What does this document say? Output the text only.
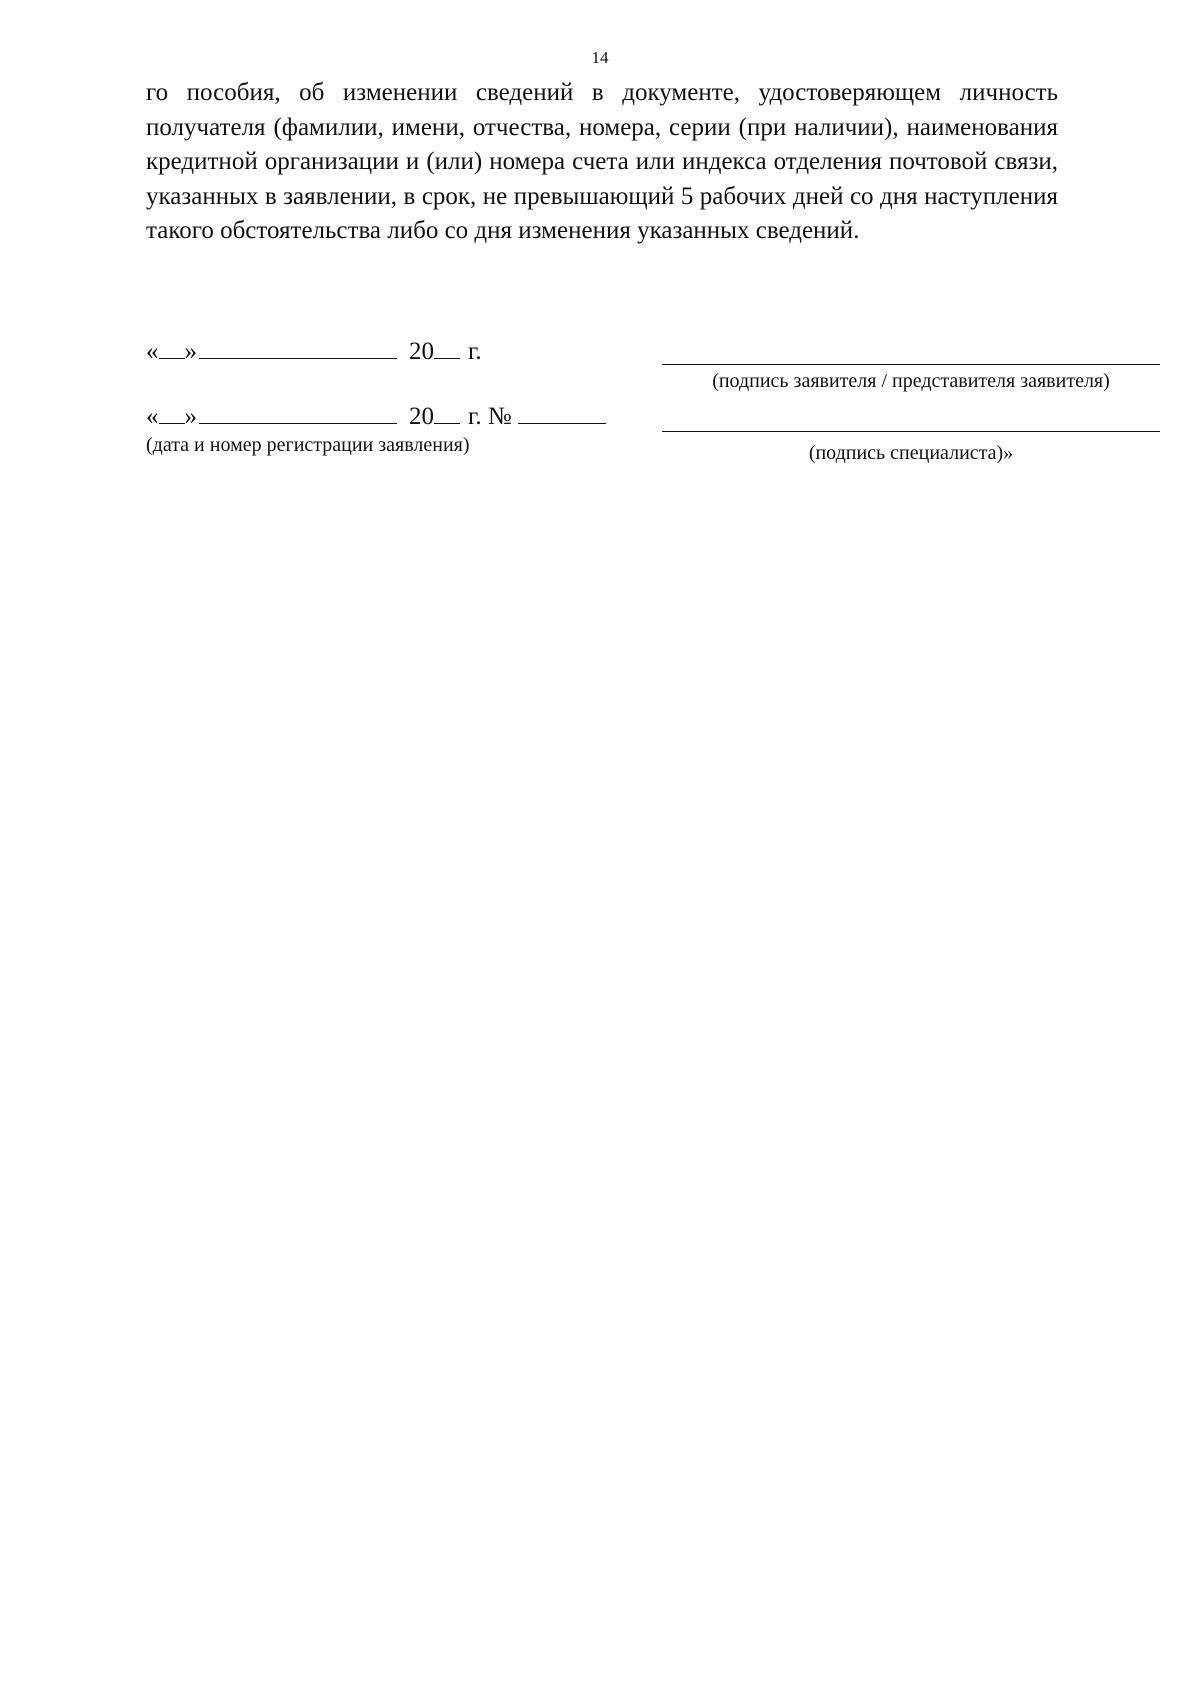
14

го пособия, об изменении сведений в документе, удостоверяющем личность получателя (фамилии, имени, отчества, номера, серии (при наличии), наименования кредитной организации и (или) номера счета или индекса отделения почтовой связи, указанных в заявлении, в срок, не превышающий 5 рабочих дней со дня наступления такого обстоятельства либо со дня изменения указанных сведений.

« »	20 г.
(подпись заявителя / представителя заявителя)
« »	20 г. №
(дата и номер регистрации заявления)	(подпись специалиста)»
